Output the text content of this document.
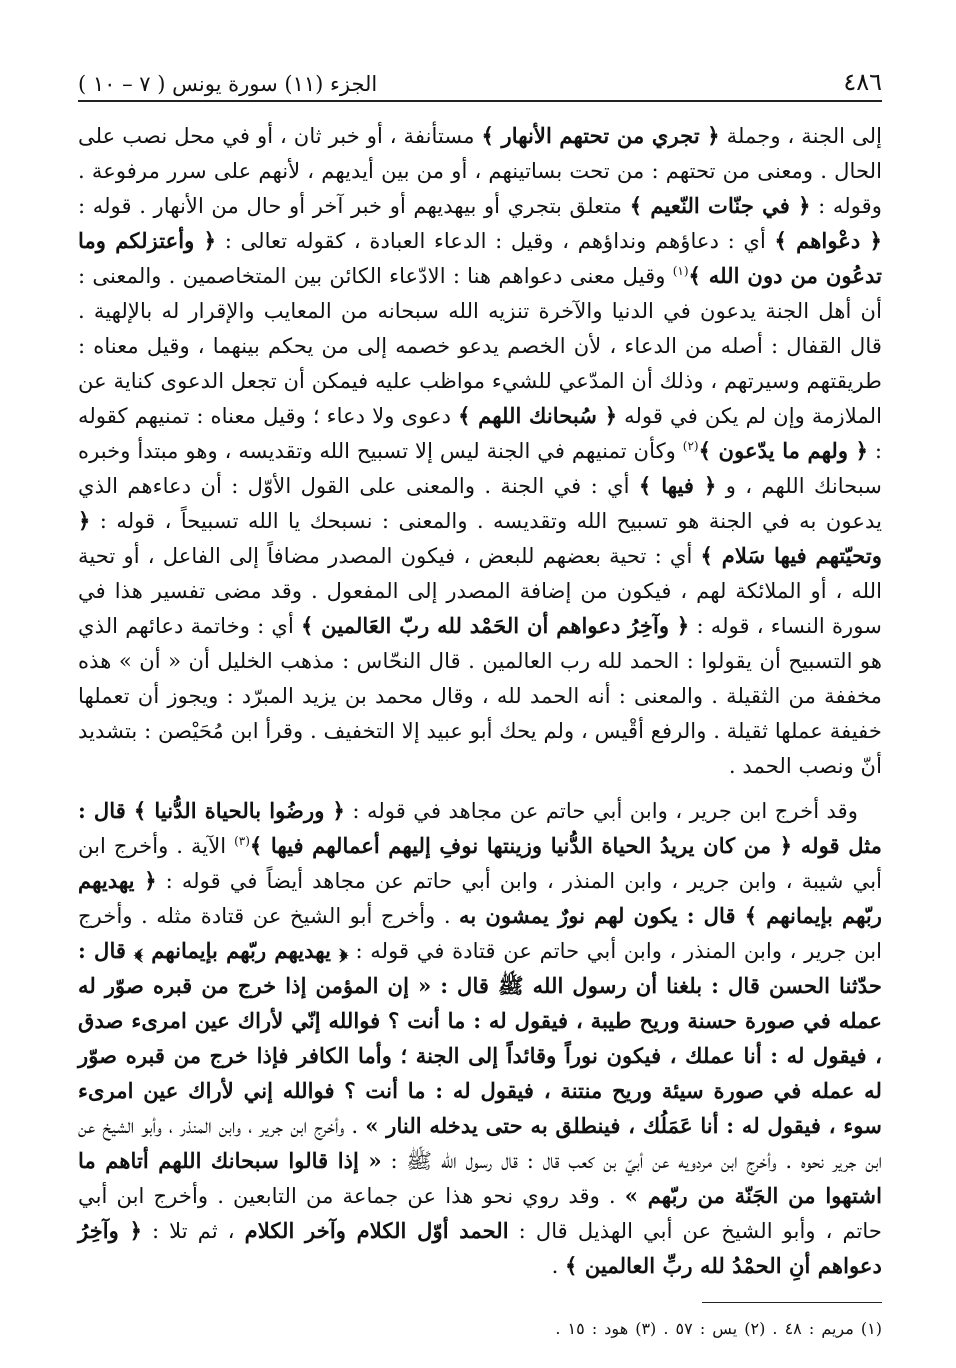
٤٨٦
الجزء (١١) سورة يونس ( ٧ – ١٠ )

إلى الجنة ، وجملة ﴿ تجري من تحتهم الأنهار ﴾ مستأنفة ، أو خبر ثان ، أو في محل نصب على الحال . ومعنى من تحتهم : من تحت بساتينهم ، أو من بين أيديهم ، لأنهم على سرر مرفوعة . وقوله : ﴿ في جنّات النّعيم ﴾ متعلق بتجري أو بيهديهم أو خبر آخر أو حال من الأنهار . قوله : ﴿ دعْواهم ﴾ أي : دعاؤهم ونداؤهم ، وقيل : الدعاء العبادة ، كقوله تعالى : ﴿ وأعتزلكم وما تدعُون من دون الله ﴾$^{(١)}$ وقيل معنى دعواهم هنا : الادّعاء الكائن بين المتخاصمين . والمعنى : أن أهل الجنة يدعون في الدنيا والآخرة تنزيه الله سبحانه من المعايب والإقرار له بالإلهية . قال القفال : أصله من الدعاء ، لأن الخصم يدعو خصمه إلى من يحكم بينهما ، وقيل معناه : طريقتهم وسيرتهم ، وذلك أن المدّعي للشيء مواظب عليه فيمكن أن تجعل الدعوى كناية عن الملازمة وإن لم يكن في قوله ﴿ سُبحانك اللهم ﴾ دعوى ولا دعاء ؛ وقيل معناه : تمنيهم كقوله : ﴿ ولهم ما يدّعون ﴾$^{(٢)}$ وكأن تمنيهم في الجنة ليس إلا تسبيح الله وتقديسه ، وهو مبتدأ وخبره سبحانك اللهم ، و ﴿ فيها ﴾ أي : في الجنة . والمعنى على القول الأوّل : أن دعاءهم الذي يدعون به في الجنة هو تسبيح الله وتقديسه . والمعنى : نسبحك يا الله تسبيحاً ، قوله : ﴿ وتحيّتهم فيها سَلام ﴾ أي : تحية بعضهم للبعض ، فيكون المصدر مضافاً إلى الفاعل ، أو تحية الله ، أو الملائكة لهم ، فيكون من إضافة المصدر إلى المفعول . وقد مضى تفسير هذا في سورة النساء ، قوله : ﴿ وآخِرُ دعواهم أن الحَمْد لله ربّ العَالمين ﴾ أي : وخاتمة دعائهم الذي هو التسبيح أن يقولوا : الحمد لله رب العالمين . قال النحّاس : مذهب الخليل أن « أن » هذه مخففة من الثقيلة . والمعنى : أنه الحمد لله ، وقال محمد بن يزيد المبرّد : ويجوز أن تعملها خفيفة عملها ثقيلة . والرفع أقْيس ، ولم يحك أبو عبيد إلا التخفيف . وقرأ ابن مُحَيْصن : بتشديد أنّ ونصب الحمد .

وقد أخرج ابن جرير ، وابن أبي حاتم عن مجاهد في قوله : ﴿ ورضُوا بالحياة الدُّنيا ﴾ قال : مثل قوله ﴿ من كان يريدُ الحياة الدُّنيا وزينتها نوفِ إليهم أعمالهم فيها ﴾$^{(٣)}$ الآية . وأخرج ابن أبي شيبة ، وابن جرير ، وابن المنذر ، وابن أبي حاتم عن مجاهد أيضاً في قوله : ﴿ يهديهم ربّهم بإيمانهم ﴾ قال : يكون لهم نورٌ يمشون به . وأخرج أبو الشيخ عن قتادة مثله . وأخرج ابن جرير ، وابن المنذر ، وابن أبي حاتم عن قتادة في قوله : ﴿ يهديهم ربّهم بإيمانهم ﴾ قال : حدّثنا الحسن قال : بلغنا أن رسول الله ﷺ قال : « إن المؤمن إذا خرج من قبره صوّر له عمله في صورة حسنة وريح طيبة ، فيقول له : ما أنت ؟ فوالله إنّي لأراك عين امرىء صدق ، فيقول له : أنا عملك ، فيكون نوراً وقائداً إلى الجنة ؛ وأما الكافر فإذا خرج من قبره صوّر له عمله في صورة سيئة وريح منتنة ، فيقول له : ما أنت ؟ فوالله إني لأراك عين امرىء سوء ، فيقول له : أنا عَمَلُك ، فينطلق به حتى يدخله النار » . وأخرج ابن جرير ، وابن المنذر ، وأبو الشيخ عن ابن جرير نحوه . وأخرج ابن مردويه عن أبيّ بن كعب قال : قال رسول الله ﷺ : « إذا قالوا سبحانك اللهم أتاهم ما اشتهوا من الجَنّة من ربّهم » . وقد روي نحو هذا عن جماعة من التابعين . وأخرج ابن أبي حاتم ، وأبو الشيخ عن أبي الهذيل قال : الحمد أوّل الكلام وآخر الكلام ، ثم تلا : ﴿ وآخِرُ دعواهم أنِ الحمْدُ لله ربِّ العالمين ﴾ .

(١) مريم : ٤٨ . (٢) يس : ٥٧ . (٣) هود : ١٥ .
